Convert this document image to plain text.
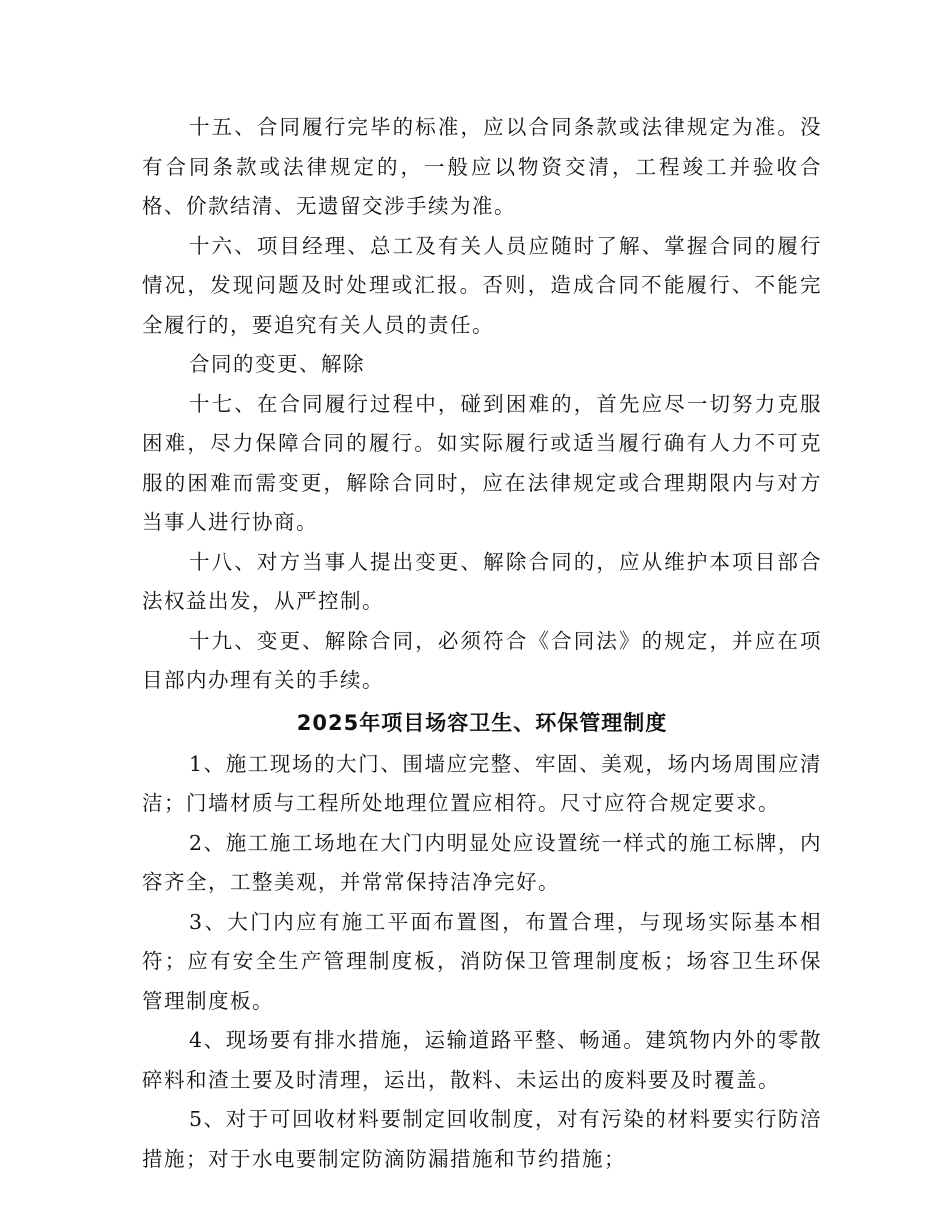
十五、合同履行完毕的标准，应以合同条款或法律规定为准。没有合同条款或法律规定的，一般应以物资交清，工程竣工并验收合格、价款结清、无遗留交涉手续为准。

十六、项目经理、总工及有关人员应随时了解、掌握合同的履行情况，发现问题及时处理或汇报。否则，造成合同不能履行、不能完全履行的，要追究有关人员的责任。

合同的变更、解除

十七、在合同履行过程中，碰到困难的，首先应尽一切努力克服困难，尽力保障合同的履行。如实际履行或适当履行确有人力不可克服的困难而需变更，解除合同时，应在法律规定或合理期限内与对方当事人进行协商。

十八、对方当事人提出变更、解除合同的，应从维护本项目部合法权益出发，从严控制。

十九、变更、解除合同，必须符合《合同法》的规定，并应在项目部内办理有关的手续。

2025年项目场容卫生、环保管理制度

1、施工现场的大门、围墙应完整、牢固、美观，场内场周围应清洁；门墙材质与工程所处地理位置应相符。尺寸应符合规定要求。

2、施工施工场地在大门内明显处应设置统一样式的施工标牌，内容齐全，工整美观，并常常保持洁净完好。

3、大门内应有施工平面布置图，布置合理，与现场实际基本相符；应有安全生产管理制度板，消防保卫管理制度板；场容卫生环保管理制度板。

4、现场要有排水措施，运输道路平整、畅通。建筑物内外的零散碎料和渣土要及时清理，运出，散料、未运出的废料要及时覆盖。

5、对于可回收材料要制定回收制度，对有污染的材料要实行防涪措施；对于水电要制定防滴防漏措施和节约措施；
